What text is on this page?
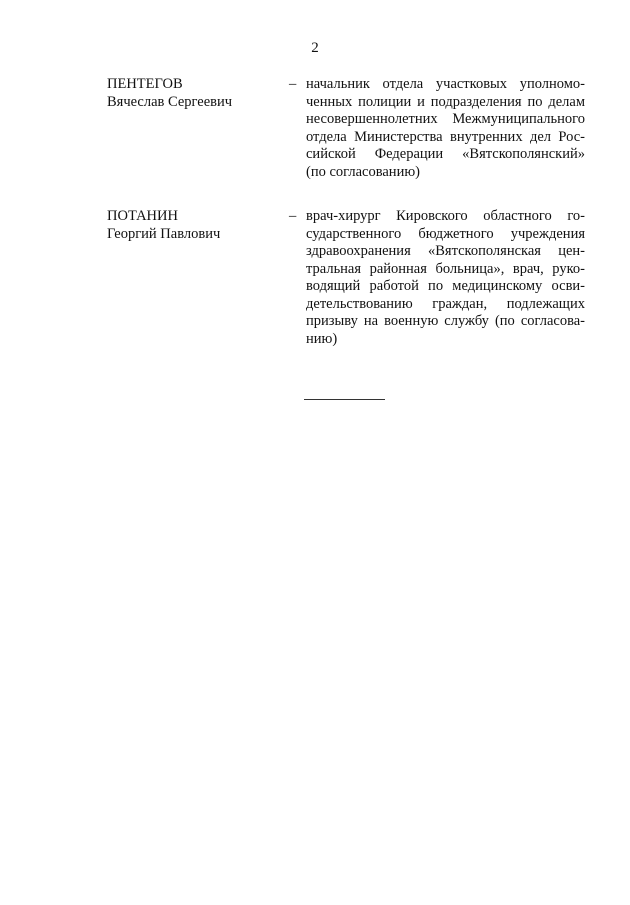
2
ПЕНТЕГОВ
Вячеслав Сергеевич
– начальник отдела участковых уполномо-
ченных полиции и подразделения по делам
несовершеннолетних Межмуниципального
отдела Министерства внутренних дел Рос-
сийской Федерации «Вятскополянский»
(по согласованию)
ПОТАНИН
Георгий Павлович
– врач-хирург Кировского областного го-
сударственного бюджетного учреждения
здравоохранения «Вятскополянская цен-
тральная районная больница», врач, руко-
водящий работой по медицинскому осви-
детельствованию граждан, подлежащих
призыву на военную службу (по согласова-
нию)
